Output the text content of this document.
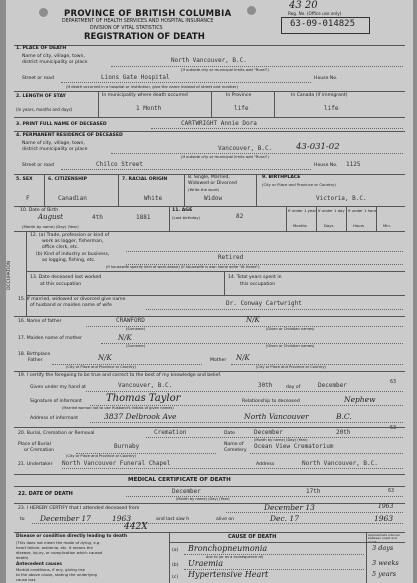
43 20
PROVINCE OF BRITISH COLUMBIA
DEPARTMENT OF HEALTH SERVICES AND HOSPITAL INSURANCE
DIVISION OF VITAL STATISTICS
REGISTRATION OF DEATH
Reg. No. (Office use only)
63-09-014825
1. PLACE OF DEATH
Name of city, village, town,
district municipality or place	North Vancouver, B.C.
(If outside city or municipal limits add "Rural")
Street or road	Lions Gate Hospital	House No.
(If death occurred in a hospital or institution, give the name instead of street and number)
2. LENGTH OF STAY
(In years, months and days)
In municipality where death occurred	In Province	In Canada (if immigrant)
1 Month	life	life
3. PRINT FULL NAME OF DECEASED	CARTWRIGHT Annie Dora
4. PERMANENT RESIDENCE OF DECEASED
Name of city, village, town,
district municipality or place	Vancouver, B.C.	43-031-02
(If outside city or municipal limits add "Rural")
Street or road	Chilco Street	House No. 1125
5. SEX	6. CITIZENSHIP	7. RACIAL ORIGIN	8. Single, Married,
Widowed or Divorced
(Write the word)
9. BIRTHPLACE
(City or Place and Province or Country)
F	Canadian	White	Widow	Victoria, B.C.
10. Date of Birth
August	4th	1881
(Month by name) (Day) (Year)
11. AGE
(Last birthday)	82
If under 1 year If under 1 day If under 1 hour
Months	Days	Hours	Min.
OCCUPATION
12. (a) Trade, profession or kind of
work as logger, fisherman,
office clerk, etc.
(b) Kind of industry or business,
as logging, fishing, etc.	Retired
(If housewife specify kind of work above) (If housewife is own home write "At Home")
13. Date deceased last worked
at this occupation
14. Total years spent in
this occupation
15. If married, widowed or divorced give name
of husband or maiden name of wife	Dr. Conway Cartwright
16. Name of father	CRAWFORD	N/K
(Surname)	(Given or Christian names)
17. Maiden name of mother	N/K
(Surname)	(Given or Christian names)
18. Birthplace
Father	N/K	Mother N/K
(City or Place and Province or Country)	(City or Place and Province or Country)
19. I certify the foregoing to be true and correct to the best of my knowledge and belief.
Given under my hand at	Vancouver, B.C.	30th	day of	December	63
Signature of informant Thomas Taylor	Relationship to deceased	Nephew
(Married woman not to use Husband's initials of given names)
Address of informant	3837 Delbrook Ave	North Vancouver	B.C.
20. Burial, Cremation or Removal	Cremation	Date	December	20th
63
(Month by name) (Day) (Year)
Place of Burial
or Cremation
Burnaby	Name of
Cemetery
Ocean View Crematorium
(City or Place and Province or Country)
21. Undertaker North Vancouver Funeral Chapel	Address	North Vancouver, B.C.
MEDICAL CERTIFICATE OF DEATH
22. DATE OF DEATH	December	17th	63
(Month by name) (Day) (Year)
23. I HEREBY CERTIFY that I attended deceased from	December 13	1963
to December 17	1963	and last saw h	alive on	Dec. 17	1963
442X
CAUSE OF DEATH	Approximate interval between onset and death
Disease or condition directly leading to death
(This does not mean the mode of dying, e.g.
heart failure, asthenia, etc. It means the
disease, injury, or complication which caused
death)
Antecedent causes
Morbid conditions, if any, giving rise
to the above cause, stating the underlying
cause last.
(a) Bronchopneumonia	3 days
due to (or as a consequence of)
(b) Uraemia	3 weeks
(c) Hypertensive Heart	5 years
